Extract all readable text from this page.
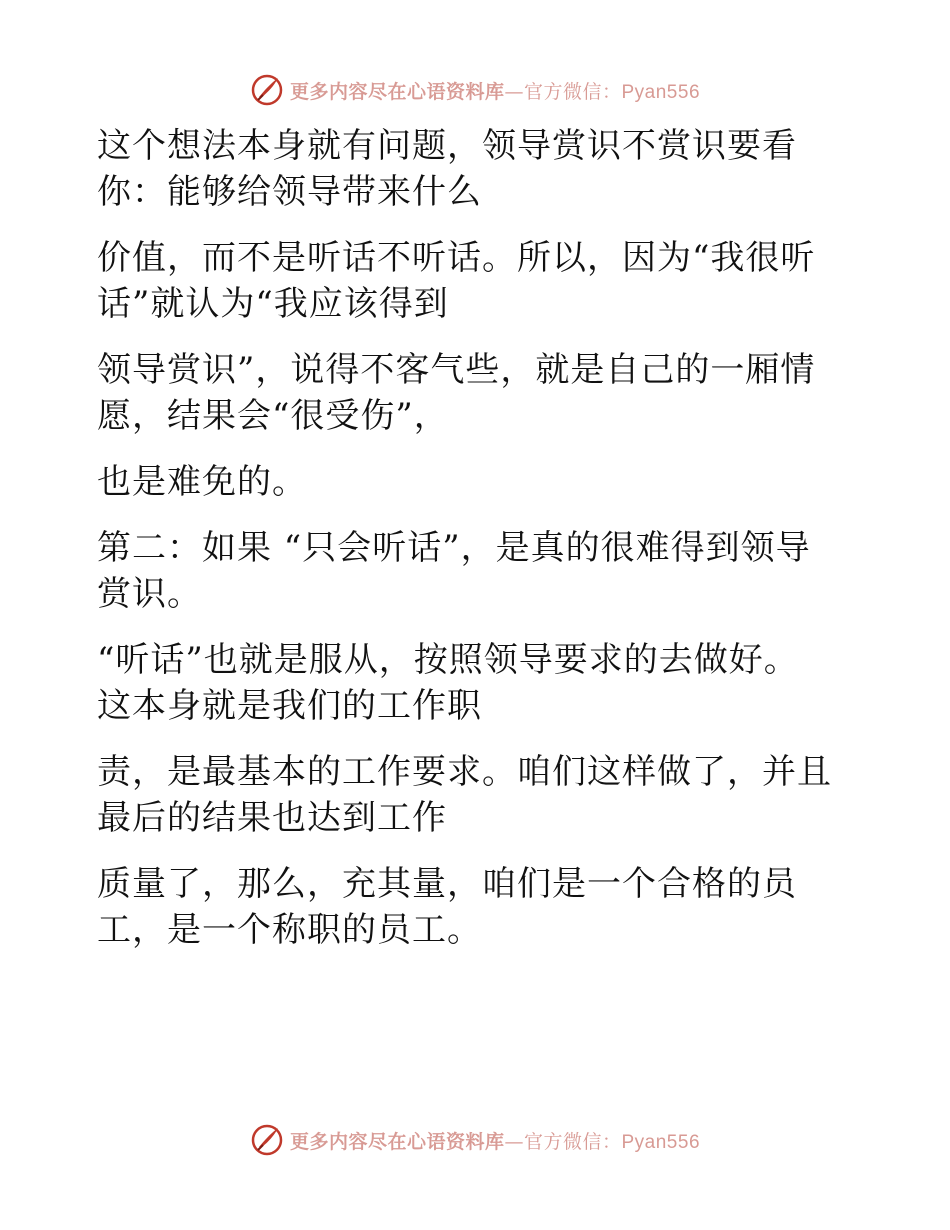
更多内容尽在心语资料库—官方微信：Pyan556
这个想法本身就有问题，领导赏识不赏识要看
你：能够给领导带来什么
价值，而不是听话不听话。所以，因为“我很听
话”就认为“我应该得到
领导赏识”，说得不客气些，就是自己的一厢情
愿，结果会“很受伤”，
也是难免的。
第二：如果 “只会听话”，是真的很难得到领导
赏识。
“听话”也就是服从，按照领导要求的去做好。
这本身就是我们的工作职
责，是最基本的工作要求。咱们这样做了，并且
最后的结果也达到工作
质量了，那么，充其量，咱们是一个合格的员
工，是一个称职的员工。
更多内容尽在心语资料库—官方微信：Pyan556
